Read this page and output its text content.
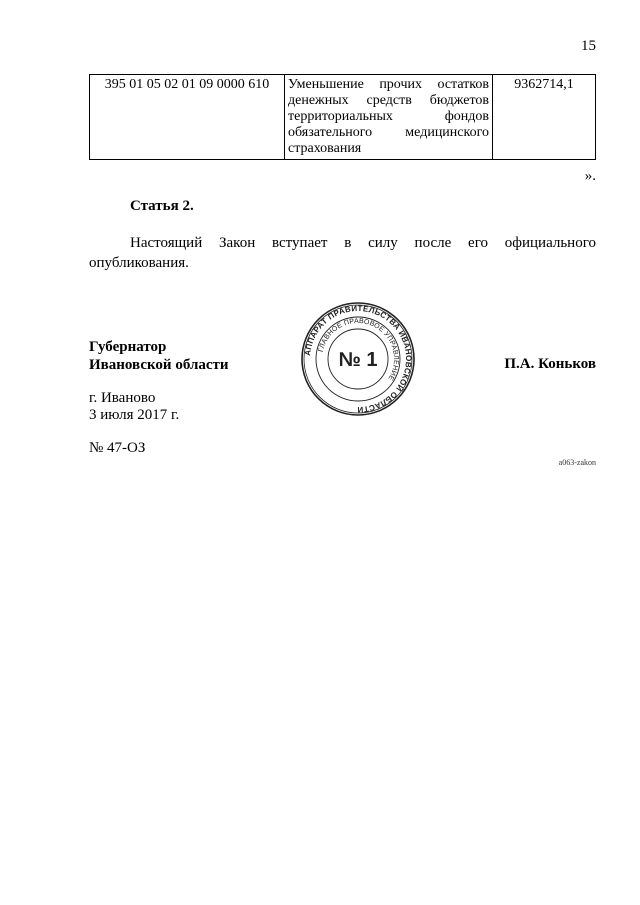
15
395 01 05 02 01 09 0000 610	Уменьшение прочих остатков денежных средств бюджетов территориальных фондов обязательного медицинского страхования	9362714,1
».
Статья 2.
Настоящий Закон вступает в силу после его официального опубликования.
Губернатор
Ивановской области	П.А. Коньков
АППАРАТ ПРАВИТЕЛЬСТВА ИВАНОВСКОЙ ОБЛАСТИ
ГЛАВНОЕ ПРАВОВОЕ УПРАВЛЕНИЕ
№ 1
г. Иваново
3 июля 2017 г.
№ 47-ОЗ
a063-zakon
